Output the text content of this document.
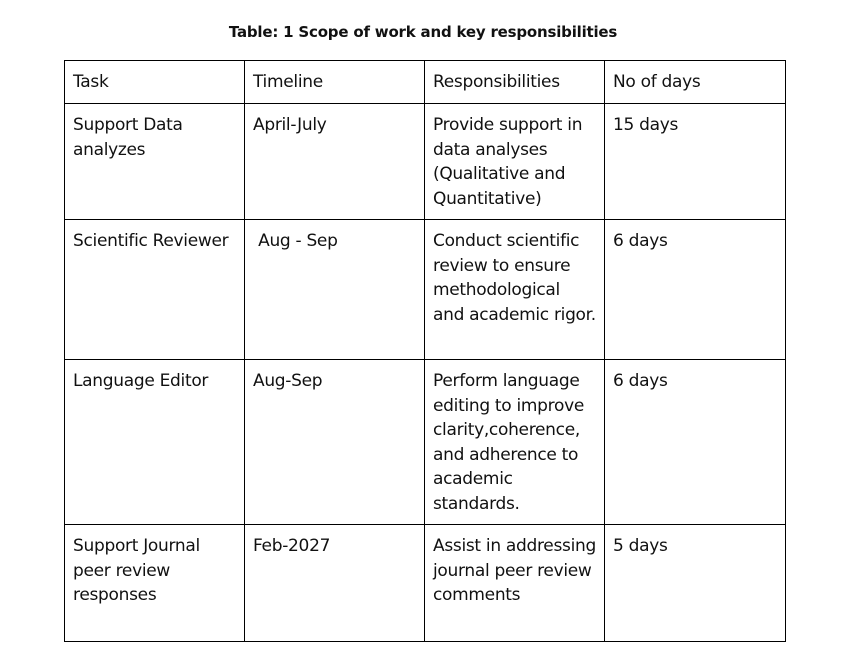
Table: 1 Scope of work and key responsibilities
Task	Timeline	Responsibilities	No of days
Support Data analyzes	April-July	Provide support in data analyses (Qualitative and Quantitative)	15 days
Scientific Reviewer	Aug - Sep	Conduct scientific review to ensure methodological and academic rigor.	6 days
Language Editor	Aug-Sep	Perform language editing to improve clarity,coherence, and adherence to academic standards.	6 days
Support Journal peer review responses	Feb-2027	Assist in addressing journal peer review comments	5 days
